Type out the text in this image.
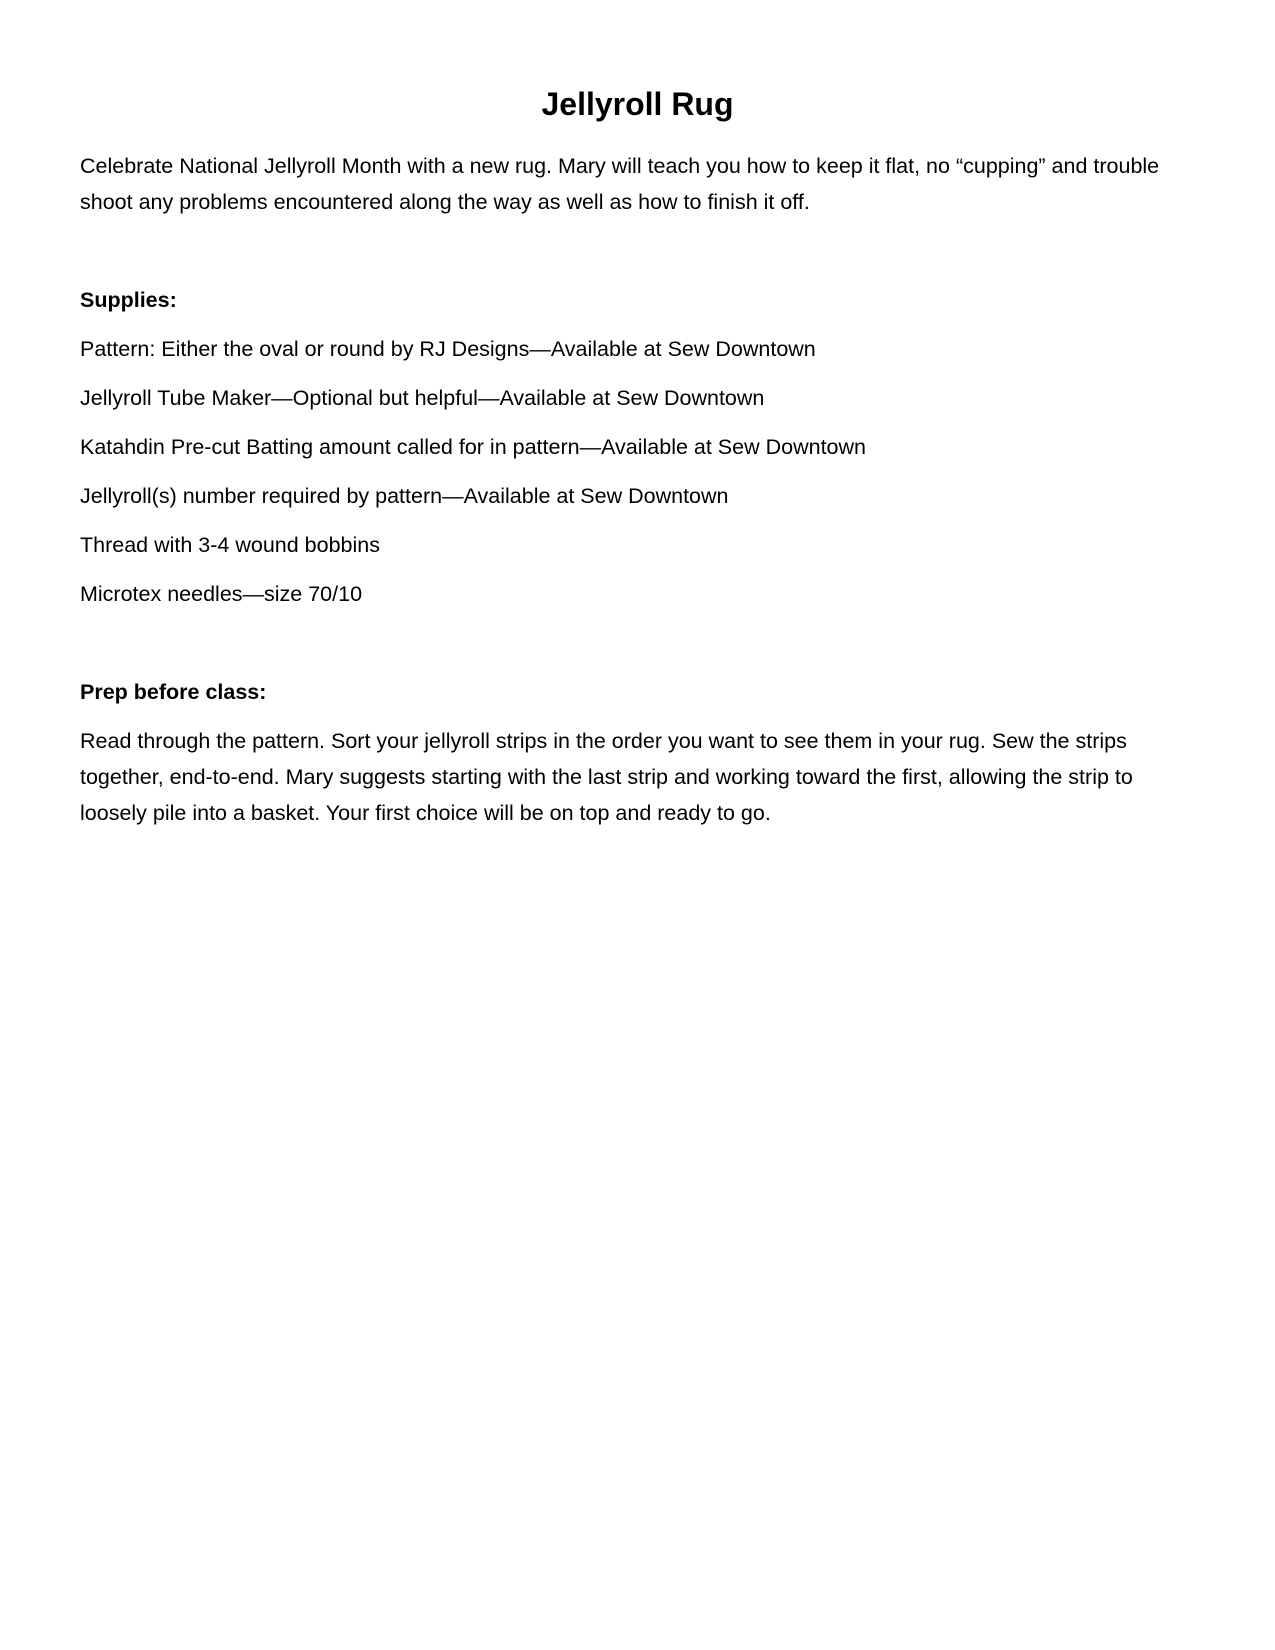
Jellyroll Rug

Celebrate National Jellyroll Month with a new rug. Mary will teach you how to keep it flat, no “cupping” and trouble shoot any problems encountered along the way as well as how to finish it off.

Supplies:

Pattern: Either the oval or round by RJ Designs—Available at Sew Downtown
Jellyroll Tube Maker—Optional but helpful—Available at Sew Downtown
Katahdin Pre-cut Batting amount called for in pattern—Available at Sew Downtown
Jellyroll(s) number required by pattern—Available at Sew Downtown
Thread with 3-4 wound bobbins
Microtex needles—size 70/10

Prep before class:

Read through the pattern. Sort your jellyroll strips in the order you want to see them in your rug. Sew the strips together, end-to-end. Mary suggests starting with the last strip and working toward the first, allowing the strip to loosely pile into a basket. Your first choice will be on top and ready to go.
